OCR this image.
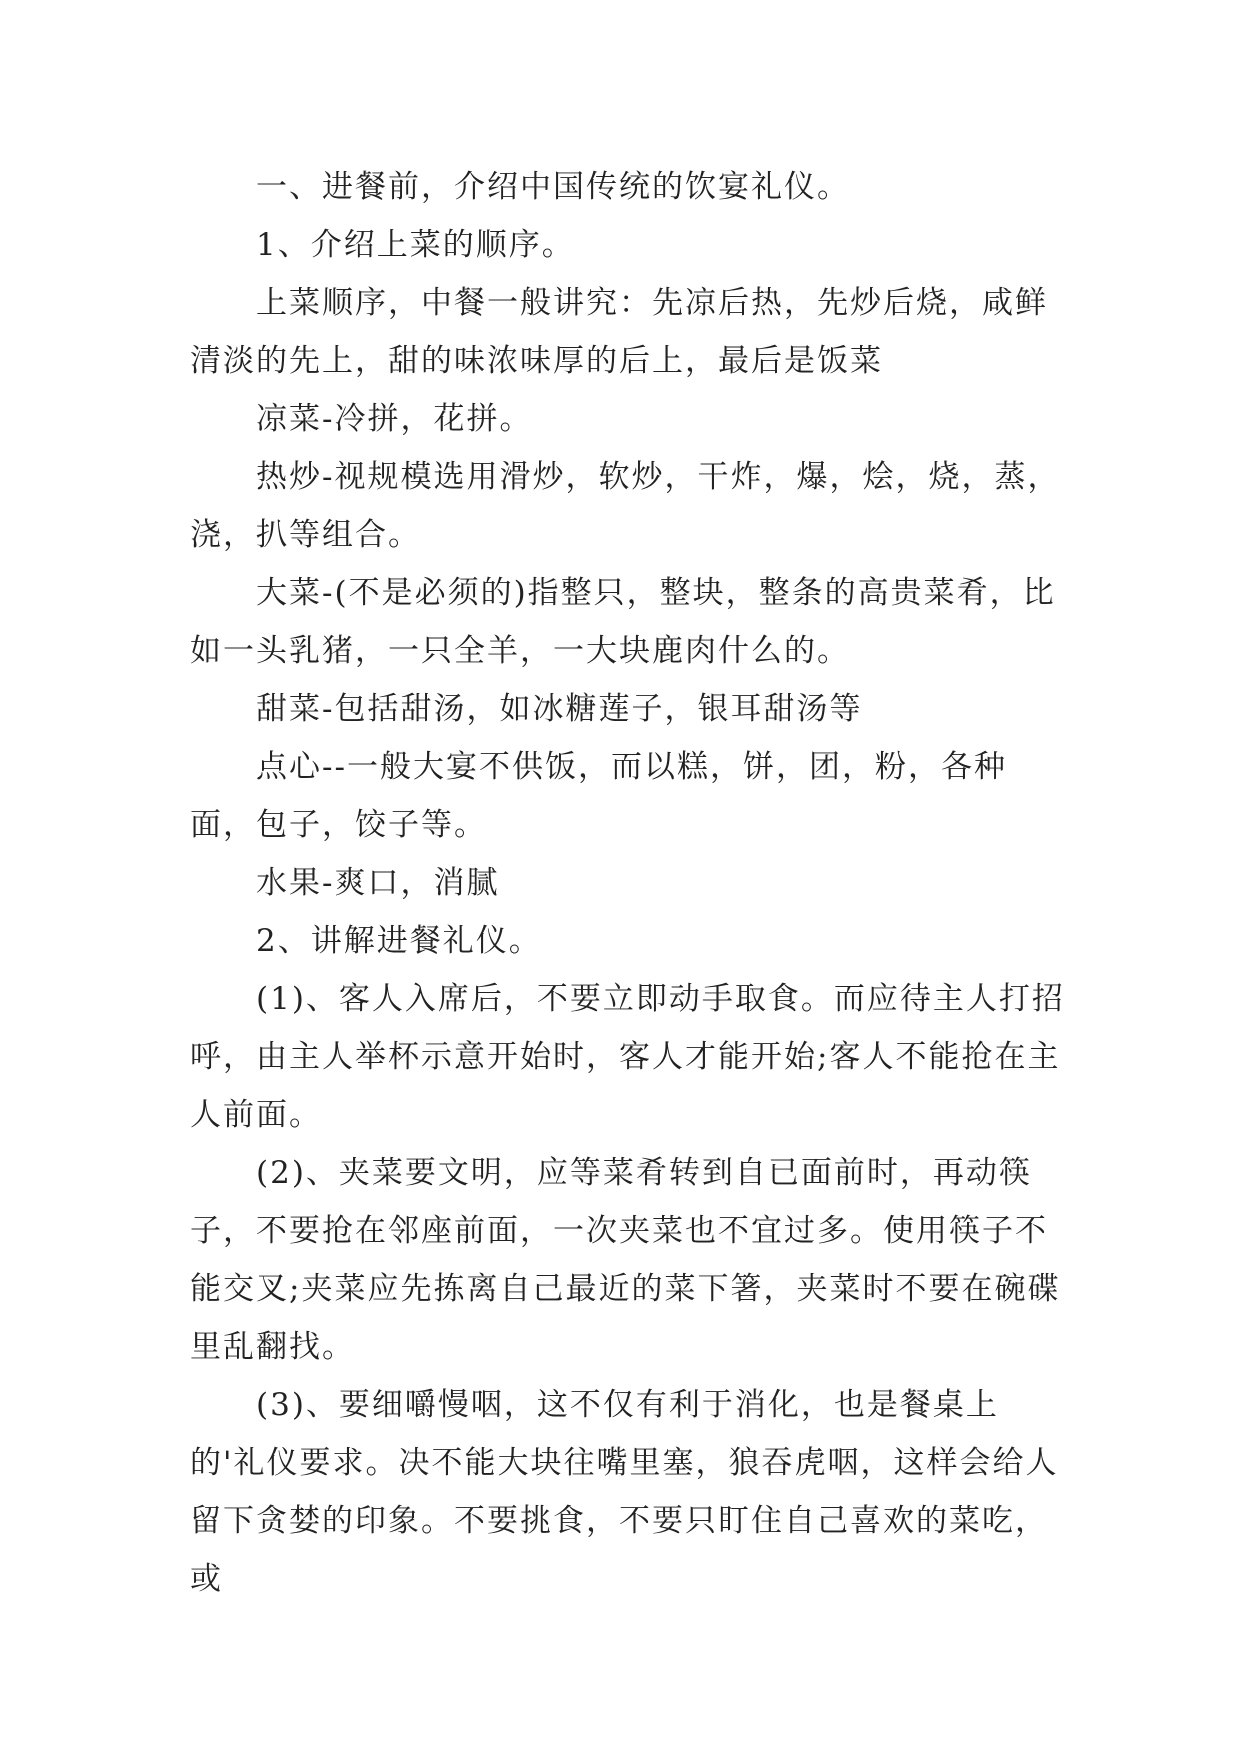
一、进餐前，介绍中国传统的饮宴礼仪。

1、介绍上菜的顺序。

上菜顺序，中餐一般讲究：先凉后热，先炒后烧，咸鲜清淡的先上，甜的味浓味厚的后上，最后是饭菜

凉菜-冷拼，花拼。

热炒-视规模选用滑炒，软炒，干炸，爆，烩，烧，蒸，浇，扒等组合。

大菜-(不是必须的)指整只，整块，整条的高贵菜肴，比如一头乳猪，一只全羊，一大块鹿肉什么的。

甜菜-包括甜汤，如冰糖莲子，银耳甜汤等

点心--一般大宴不供饭，而以糕，饼，团，粉，各种面，包子，饺子等。

水果-爽口，消腻

2、讲解进餐礼仪。

(1)、客人入席后，不要立即动手取食。而应待主人打招呼，由主人举杯示意开始时，客人才能开始;客人不能抢在主人前面。

(2)、夹菜要文明，应等菜肴转到自已面前时，再动筷子，不要抢在邻座前面，一次夹菜也不宜过多。使用筷子不能交叉;夹菜应先拣离自己最近的菜下箸，夹菜时不要在碗碟里乱翻找。

(3)、要细嚼慢咽，这不仅有利于消化，也是餐桌上的'礼仪要求。决不能大块往嘴里塞，狼吞虎咽，这样会给人留下贪婪的印象。不要挑食，不要只盯住自己喜欢的菜吃，或
